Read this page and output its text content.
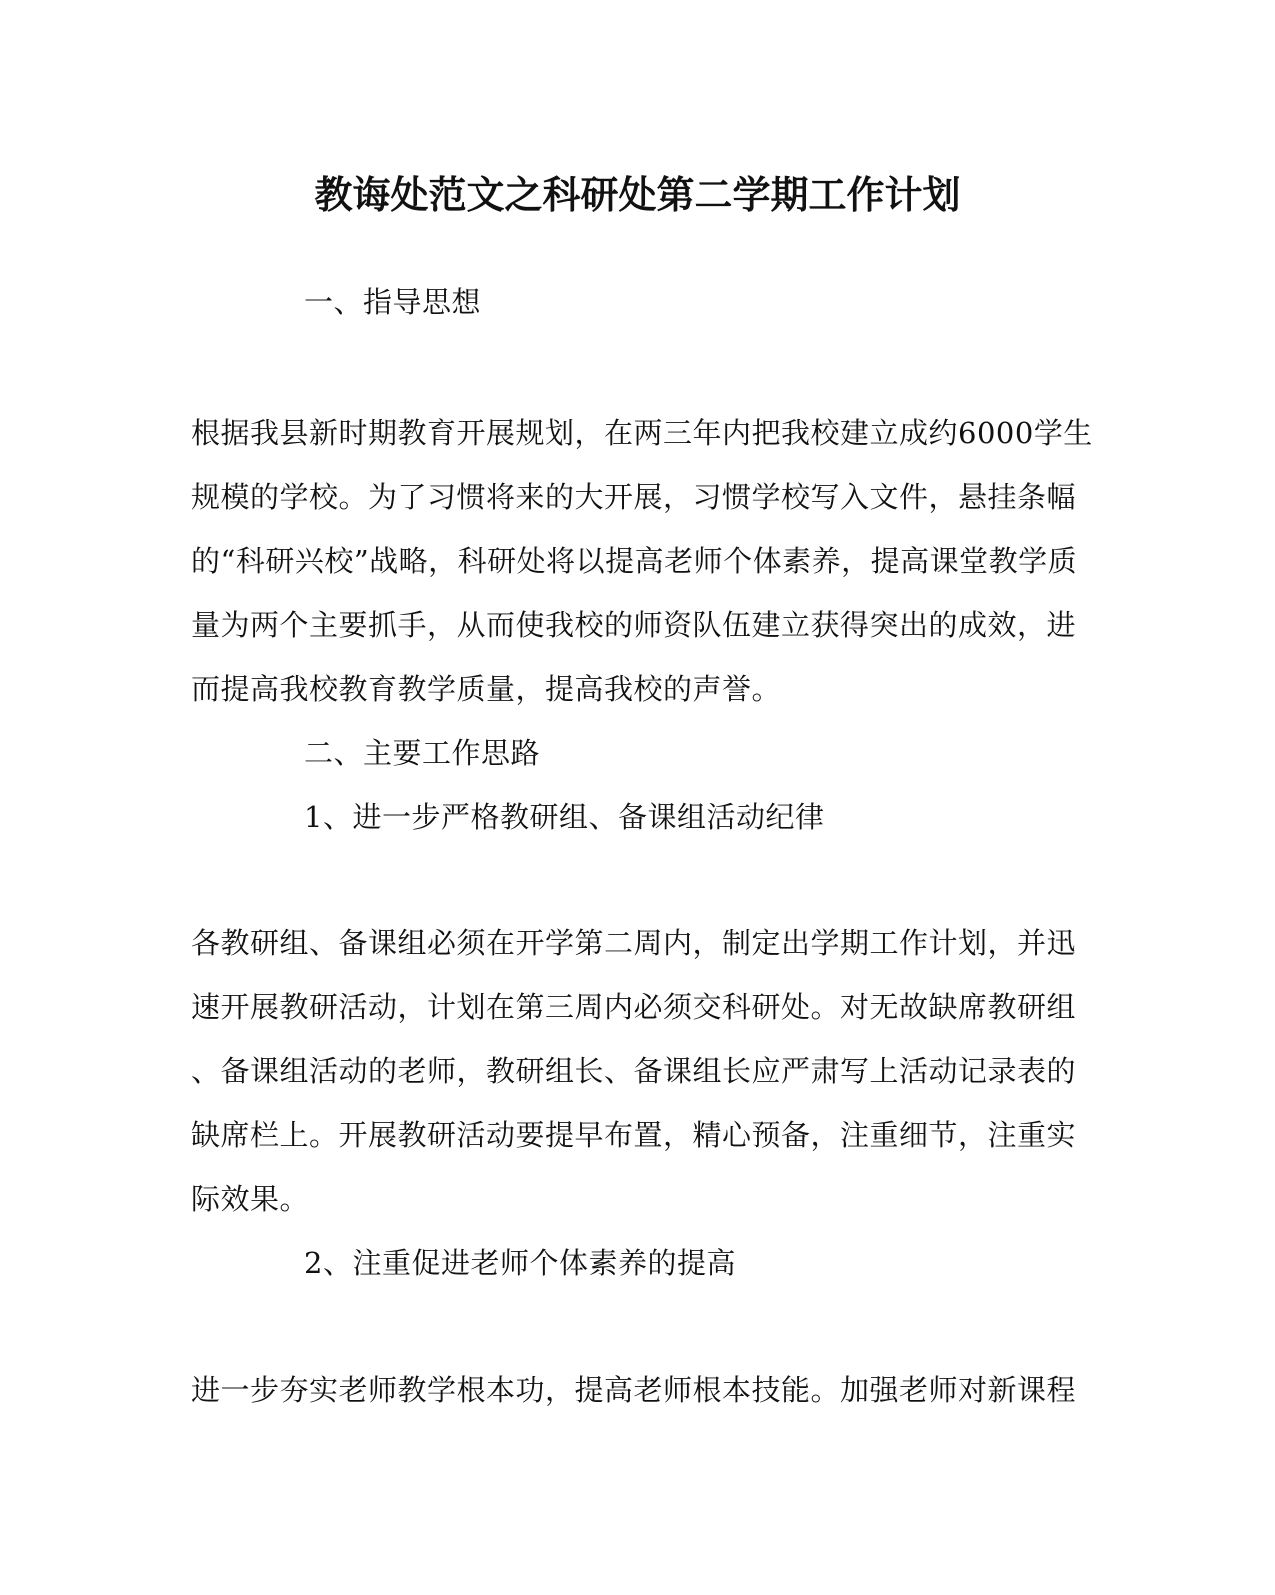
教诲处范文之科研处第二学期工作计划

一、指导思想

根据我县新时期教育开展规划，在两三年内把我校建立成约6000学生

规模的学校。为了习惯将来的大开展，习惯学校写入文件，悬挂条幅

的“科研兴校”战略，科研处将以提高老师个体素养，提高课堂教学质

量为两个主要抓手，从而使我校的师资队伍建立获得突出的成效，进

而提高我校教育教学质量，提高我校的声誉。

二、主要工作思路

1、进一步严格教研组、备课组活动纪律

各教研组、备课组必须在开学第二周内，制定出学期工作计划，并迅

速开展教研活动，计划在第三周内必须交科研处。对无故缺席教研组

、备课组活动的老师，教研组长、备课组长应严肃写上活动记录表的

缺席栏上。开展教研活动要提早布置，精心预备，注重细节，注重实

际效果。

2、注重促进老师个体素养的提高

进一步夯实老师教学根本功，提高老师根本技能。加强老师对新课程
